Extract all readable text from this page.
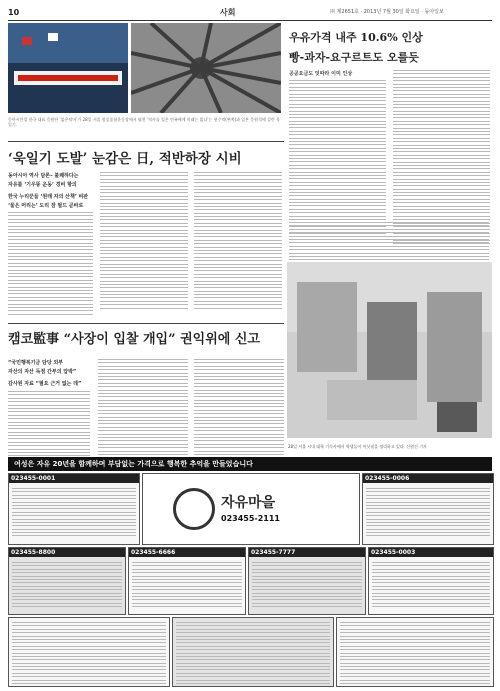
10	사회	㈜ 제2651호 · 2013년 7월 30일 화요일 · 동아일보
동아시안컵 한국 대표 응원단 ‘붉은악마’가 28일 서울 잠실종합운동장에서 펼친 ‘역사를 잊은 민족에게 미래는 없다’는 현수막(왼쪽)과 일본 응원석에 걸린 욱일기.
우유가격 내주 10.6% 인상
빵-과자-요구르트도 오를듯
공공요금도 잇따라 이미 인상
‘욱일기 도발’ 눈감은 日, 적반하장 시비
동아시아 역사 담론– 불쾌하다는
자유를 ‘기우뚱 운동’ 경비 항의
한국 누리꾼들 ‘원래 자의 산책’ 비판
‘물은 머리는’ 도리 잠 필드 곧바로
캠코監事 “사장이 입찰 개입” 권익위에 신고
“국민행복기금 담당 외부
자산의 자산 독점 간부의 압박”
감사원 자료 “필요 근거 없는 데”
28일 서울 시내 대학 기숙사에서 학생들이 이삿짐을 정리하고 있다. 신원건 기자
여성은 자유 20년을 함께하며 부담없는 가격으로 행복한 추억을 만들었습니다
023455-0001
자유마을
023455-2111
023455-0006
023455-8800	023455-6666	023455-7777	023455-0003
